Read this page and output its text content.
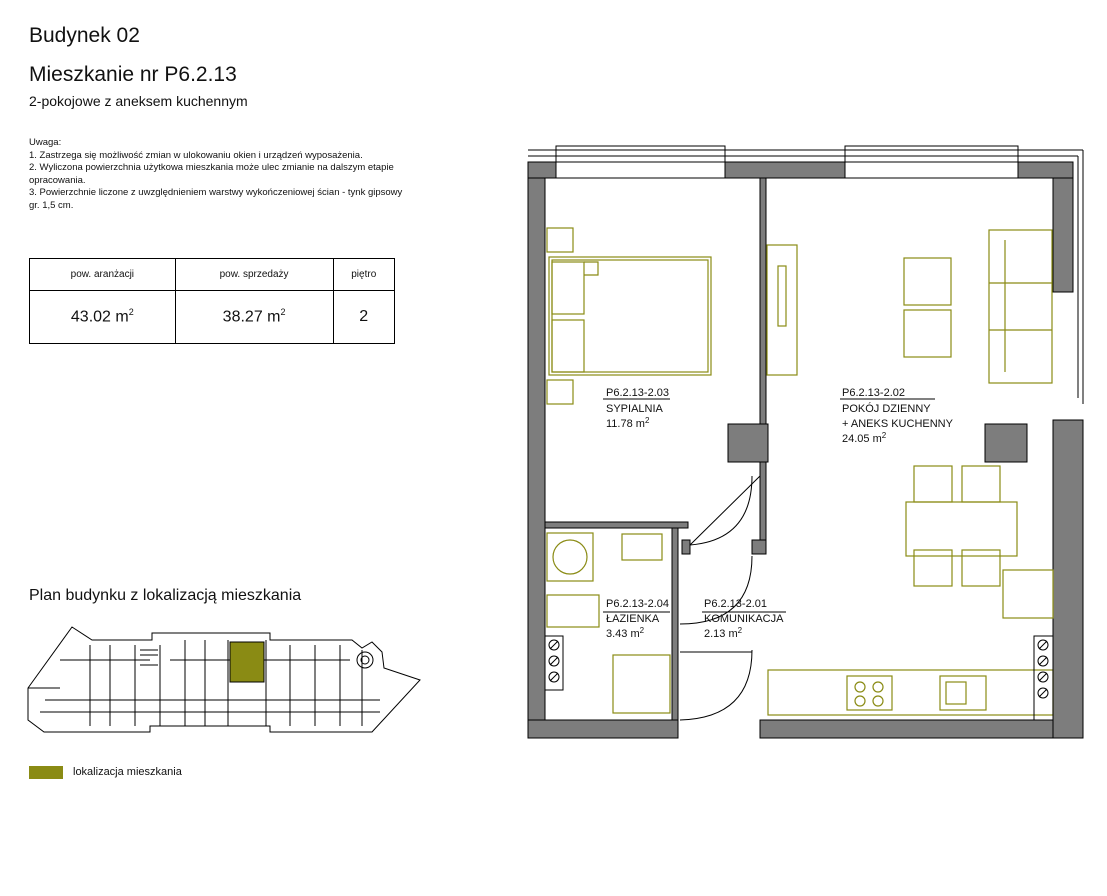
Budynek 02
Mieszkanie nr P6.2.13
2-pokojowe z aneksem kuchennym
Uwaga:
1. Zastrzega się możliwość zmian w ulokowaniu okien i urządzeń wyposażenia.
2. Wyliczona powierzchnia użytkowa mieszkania może ulec zmianie na dalszym etapie opracowania.
3. Powierzchnie liczone z uwzględnieniem warstwy wykończeniowej ścian - tynk gipsowy gr. 1,5 cm.
pow. aranżacji	pow. sprzedaży	piętro
43.02 $m^2$	38.27 $m^2$	2
Plan budynku z lokalizacją mieszkania
lokalizacja mieszkania
P6.2.13-2.03
SYPIALNIA
11.78 $m^2$
P6.2.13-2.02
POKÓJ DZIENNY
+ ANEKS KUCHENNY
24.05 $m^2$
P6.2.13-2.04
ŁAZIENKA
3.43 $m^2$
P6.2.13-2.01
KOMUNIKACJA
2.13 $m^2$
